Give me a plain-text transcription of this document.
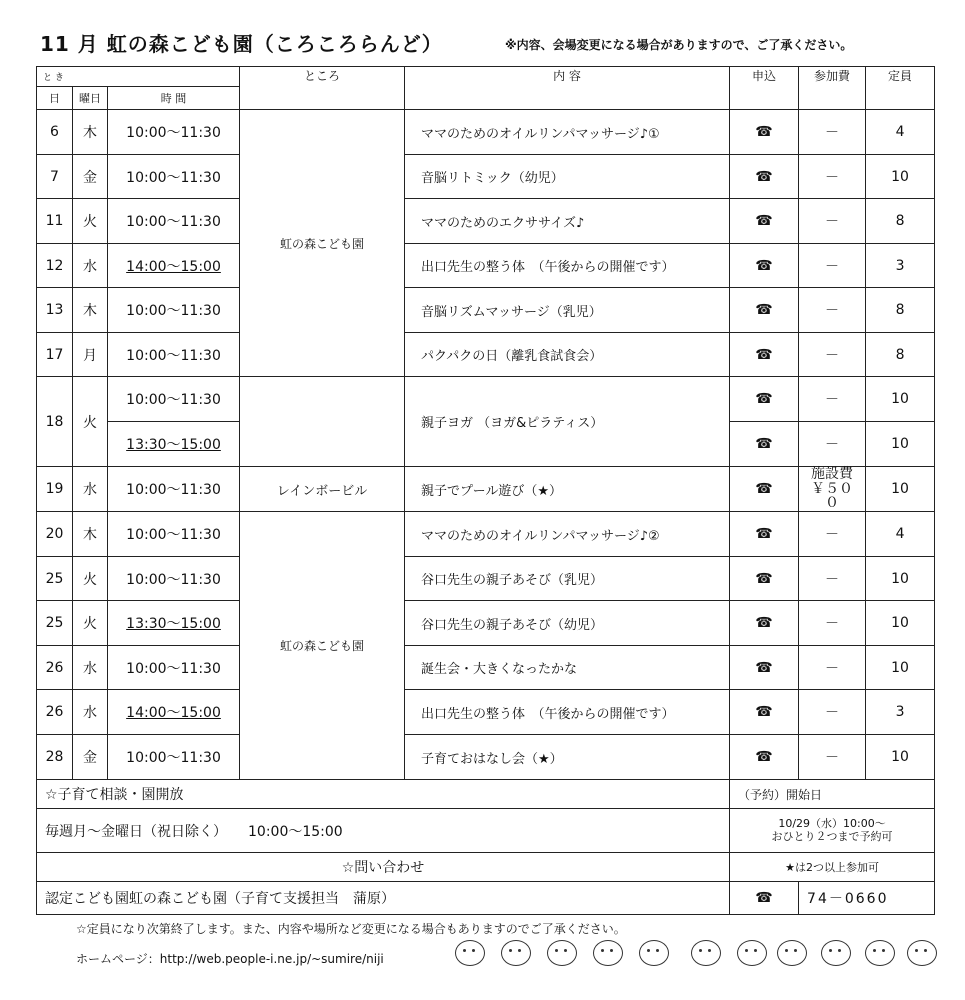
11 月 虹の森こども園（ころころらんど）	※内容、会場変更になる場合がありますので、ご了承ください。
と き			ところ	内 容	申込	参加費	定員
日	曜日	時 間					
6	木	10:00～11:30	虹の森こども園	ママのためのオイルリンパマッサージ♪①	☎	－	4
7	金	10:00～11:30		音脳リトミック（幼児）	☎	－	10
11	火	10:00～11:30		ママのためのエクササイズ♪	☎	－	8
12	水	14:00～15:00		出口先生の整う体　（午後からの開催です）	☎	－	3
13	木	10:00～11:30		音脳リズムマッサージ（乳児）	☎	－	8
17	月	10:00～11:30		パクパクの日（離乳食試食会）	☎	－	8
18	火	10:00～11:30		親子ヨガ （ヨガ&ピラティス）	☎	－	10
		13:30～15:00			☎	－	10
19	水	10:00～11:30	レインボービル	親子でプール遊び（★）	☎	施設費　￥５０　０	10
20	木	10:00～11:30	虹の森こども園	ママのためのオイルリンパマッサージ♪②	☎	－	4
25	火	10:00～11:30		谷口先生の親子あそび（乳児）	☎	－	10
25	火	13:30～15:00		谷口先生の親子あそび（幼児）	☎	－	10
26	水	10:00～11:30		誕生会・大きくなったかな	☎	－	10
26	水	14:00～15:00		出口先生の整う体　（午後からの開催です）	☎	－	3
28	金	10:00～11:30		子育ておはなし会（★）	☎	－	10
☆子育て相談・園開放					（予約）開始日		
毎週月～金曜日（祝日除く）　　10:00～15:00					10/29（水）10:00～
おひとり２つまで予約可		

☆問い合わせ					★は2つ以上参加可		
認定こども園虹の森こども園（子育て支援担当　蒲原）					☎	74－0660	
☆定員になり次第終了します。また、内容や場所など変更になる場合もありますのでご了承ください。
ホームページ：http://web.people-i.ne.jp/~sumire/niji
